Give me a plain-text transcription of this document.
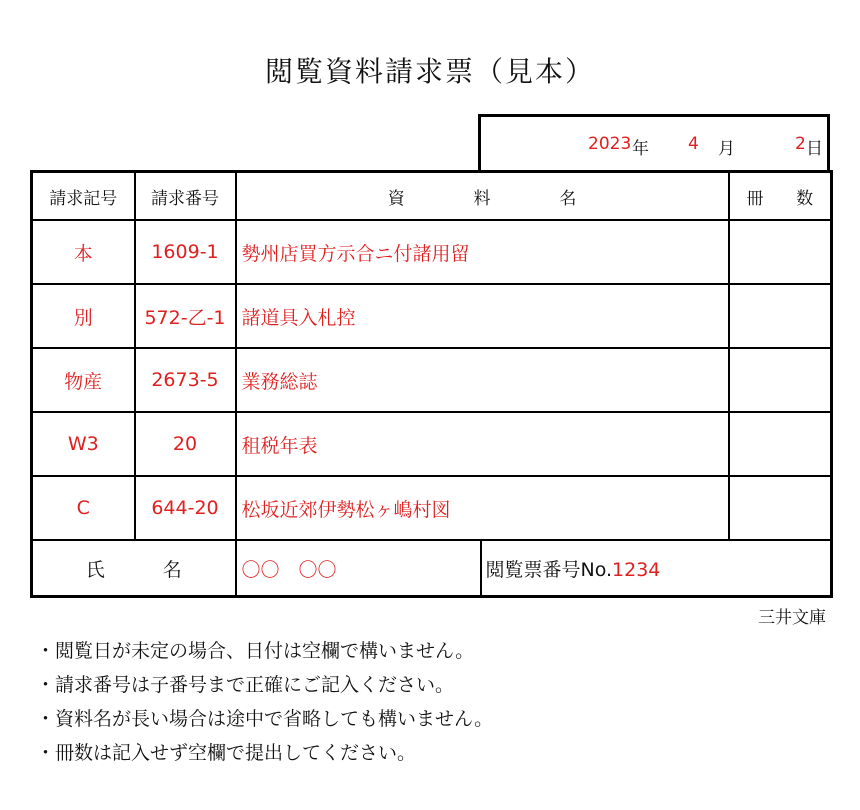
閲覧資料請求票（見本）
2023 年 4 月	2 日
請求記号	請求番号	資 料 名		冊 数
本	1609-1	勢州店買方示合ニ付諸用留		
別	572-乙-1	諸道具入札控		
物産	2673-5	業務総誌		
W3	20	租税年表		
C	644-20	松坂近郊伊勢松ヶ嶋村図		
氏 名		〇〇　〇〇	閲覧票番号No.1234	
三井文庫
・閲覧日が未定の場合、日付は空欄で構いません。
・請求番号は子番号まで正確にご記入ください。
・資料名が長い場合は途中で省略しても構いません。
・冊数は記入せず空欄で提出してください。
